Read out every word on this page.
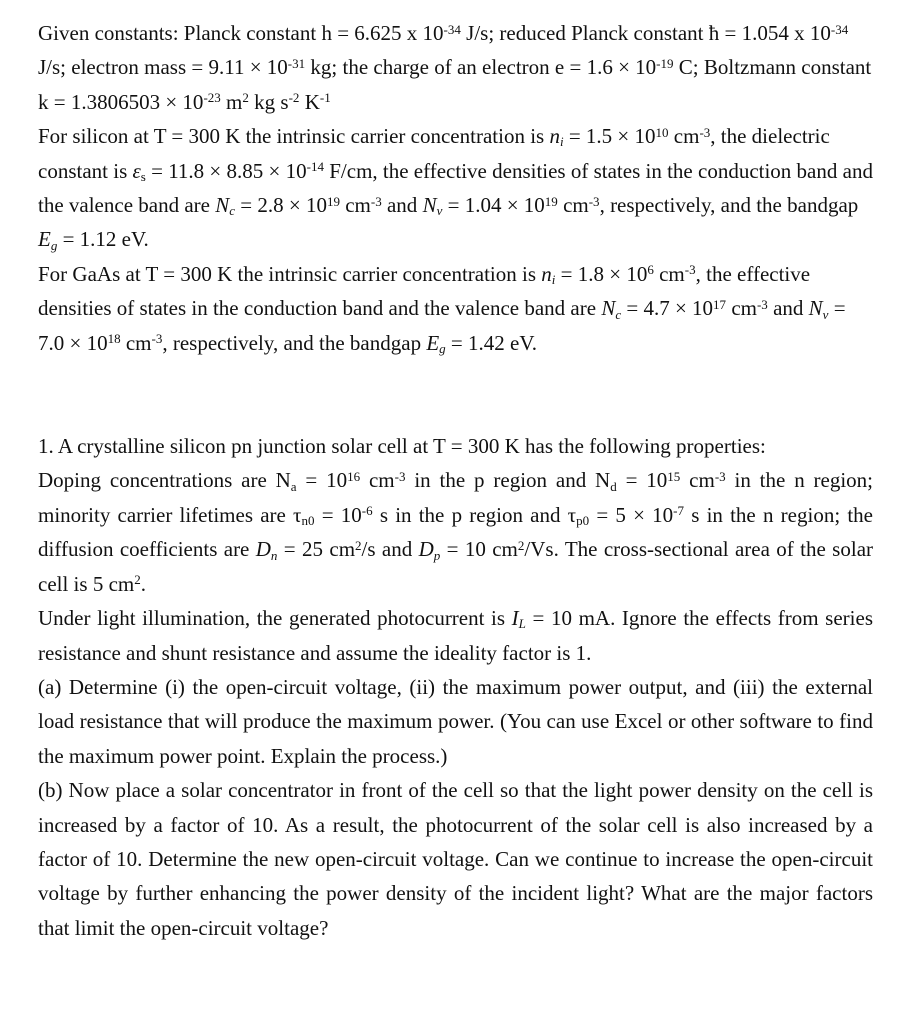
Given constants: Planck constant h = 6.625 x $10^{-34}$ J/s; reduced Planck constant ħ = 1.054 x $10^{-34}$ J/s; electron mass = $9.11 \times 10^{-31}$ kg; the charge of an electron $e = 1.6 \times 10^{-19}$ C; Boltzmann constant $k = 1.3806503 \times 10^{-23}$ $m^2$ kg $s^{-2}$ $K^{-1}$

For silicon at T = 300 K the intrinsic carrier concentration is $n_i = 1.5 \times 10^{10}$ $cm^{-3}$, the dielectric constant is $\varepsilon_s = 11.8 \times 8.85 \times 10^{-14}$ F/cm, the effective densities of states in the conduction band and the valence band are $N_c = 2.8 \times 10^{19}$ $cm^{-3}$ and $N_v = 1.04 \times 10^{19}$ $cm^{-3}$, respectively, and the bandgap $E_g = 1.12$ eV.

For GaAs at T = 300 K the intrinsic carrier concentration is $n_i = 1.8 \times 10^6$ $cm^{-3}$, the effective densities of states in the conduction band and the valence band are $N_c = 4.7 \times 10^{17}$ $cm^{-3}$ and $N_v = 7.0 \times 10^{18}$ $cm^{-3}$, respectively, and the bandgap $E_g = 1.42$ eV.

1. A crystalline silicon pn junction solar cell at T = 300 K has the following properties:

Doping concentrations are $N_a = 10^{16}$ $cm^{-3}$ in the p region and $N_d = 10^{15}$ $cm^{-3}$ in the n region; minority carrier lifetimes are $\tau_{n0} = 10^{-6}$ s in the p region and $\tau_{p0} = 5 \times 10^{-7}$ s in the n region; the diffusion coefficients are $D_n = 25$ $cm^2/s$ and $D_p = 10$ $cm^2/Vs$. The cross-sectional area of the solar cell is 5 $cm^2$.

Under light illumination, the generated photocurrent is $I_L = 10$ mA. Ignore the effects from series resistance and shunt resistance and assume the ideality factor is 1.

(a) Determine (i) the open-circuit voltage, (ii) the maximum power output, and (iii) the external load resistance that will produce the maximum power. (You can use Excel or other software to find the maximum power point. Explain the process.)

(b) Now place a solar concentrator in front of the cell so that the light power density on the cell is increased by a factor of 10. As a result, the photocurrent of the solar cell is also increased by a factor of 10. Determine the new open-circuit voltage. Can we continue to increase the open-circuit voltage by further enhancing the power density of the incident light? What are the major factors that limit the open-circuit voltage?
